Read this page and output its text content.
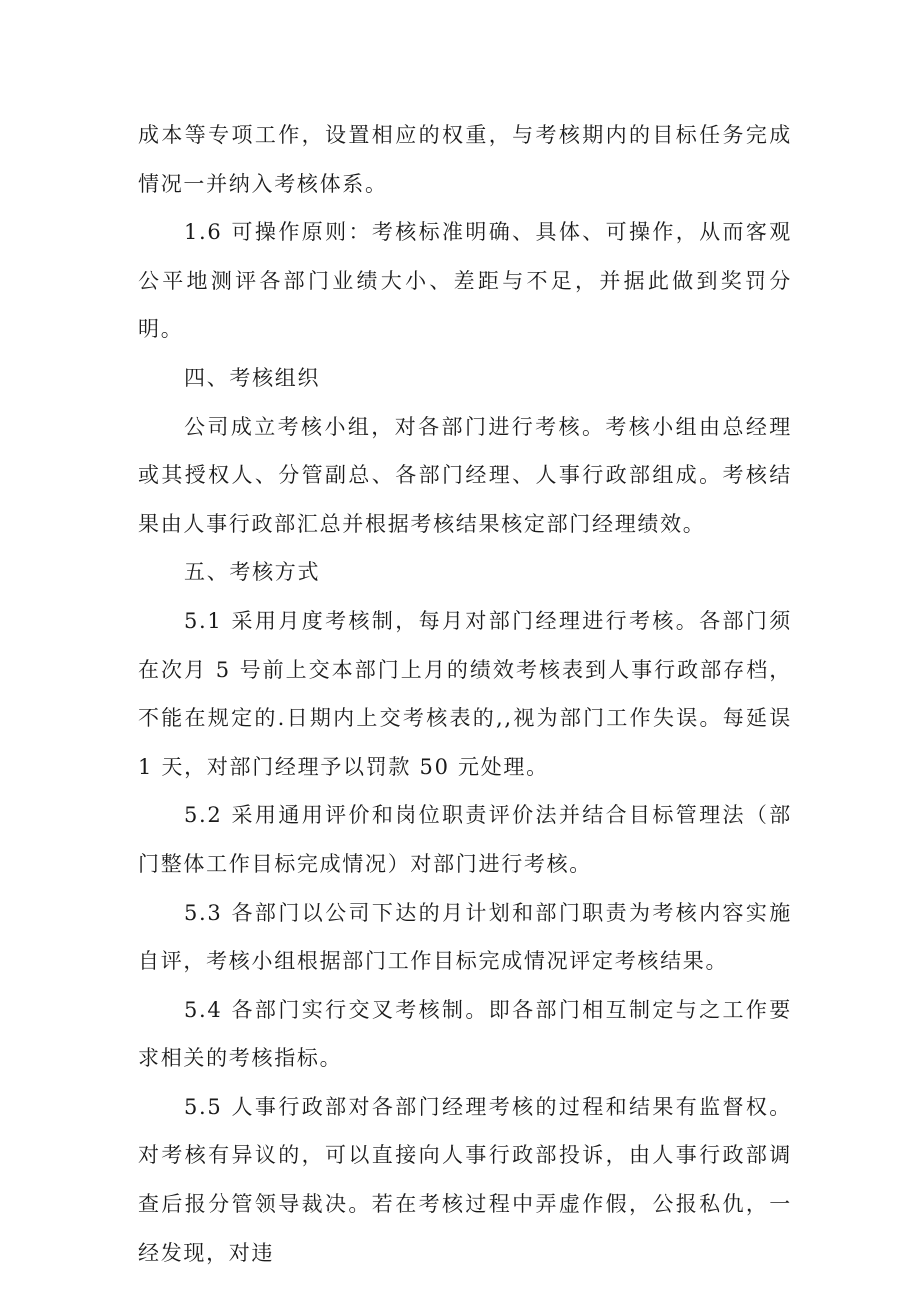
成本等专项工作，设置相应的权重，与考核期内的目标任务完成情况一并纳入考核体系。

1.6 可操作原则：考核标准明确、具体、可操作，从而客观公平地测评各部门业绩大小、差距与不足，并据此做到奖罚分明。

四、考核组织

公司成立考核小组，对各部门进行考核。考核小组由总经理或其授权人、分管副总、各部门经理、人事行政部组成。考核结果由人事行政部汇总并根据考核结果核定部门经理绩效。

五、考核方式

5.1 采用月度考核制，每月对部门经理进行考核。各部门须在次月 5 号前上交本部门上月的绩效考核表到人事行政部存档，不能在规定的.日期内上交考核表的,,视为部门工作失误。每延误 1 天，对部门经理予以罚款 50 元处理。

5.2 采用通用评价和岗位职责评价法并结合目标管理法（部门整体工作目标完成情况）对部门进行考核。

5.3 各部门以公司下达的月计划和部门职责为考核内容实施自评，考核小组根据部门工作目标完成情况评定考核结果。

5.4 各部门实行交叉考核制。即各部门相互制定与之工作要求相关的考核指标。

5.5 人事行政部对各部门经理考核的过程和结果有监督权。对考核有异议的，可以直接向人事行政部投诉，由人事行政部调查后报分管领导裁决。若在考核过程中弄虚作假，公报私仇，一经发现，对违
